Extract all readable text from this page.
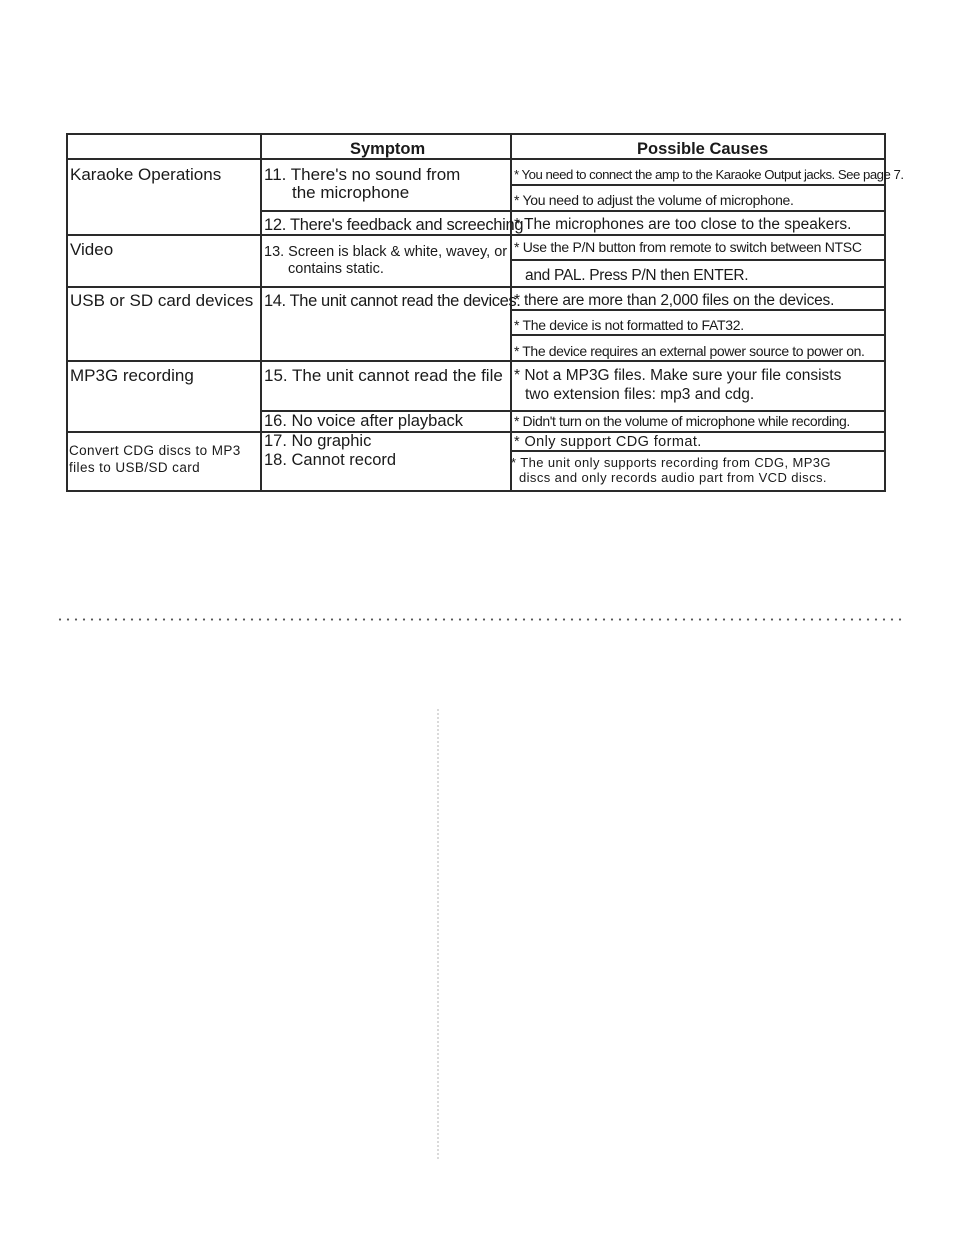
Symptom	Possible Causes
Karaoke Operations
Video
USB or SD card devices
MP3G recording
Convert CDG discs to MP3
files to USB/SD card
11. There's no sound from
the microphone
12. There's feedback and screeching
13. Screen is black & white, wavey, or
contains static.
14. The unit cannot read the devices.
15. The unit cannot read the file
16. No voice after playback
17. No graphic
18. Cannot record
* You need to connect the amp to the Karaoke Output jacks. See page 7.
* You need to adjust the volume of microphone.
* The microphones are too close to the speakers.
* Use the P/N button from remote to switch between NTSC
and PAL. Press P/N then ENTER.
* there are more than 2,000 files on the devices.
* The device is not formatted to FAT32.
* The device requires an external power source to power on.
* Not a MP3G files. Make sure your file consists
two extension files: mp3 and cdg.
* Didn't turn on the volume of microphone while recording.
* Only support CDG format.
* The unit only supports recording from CDG, MP3G
discs and only records audio part from VCD discs.
